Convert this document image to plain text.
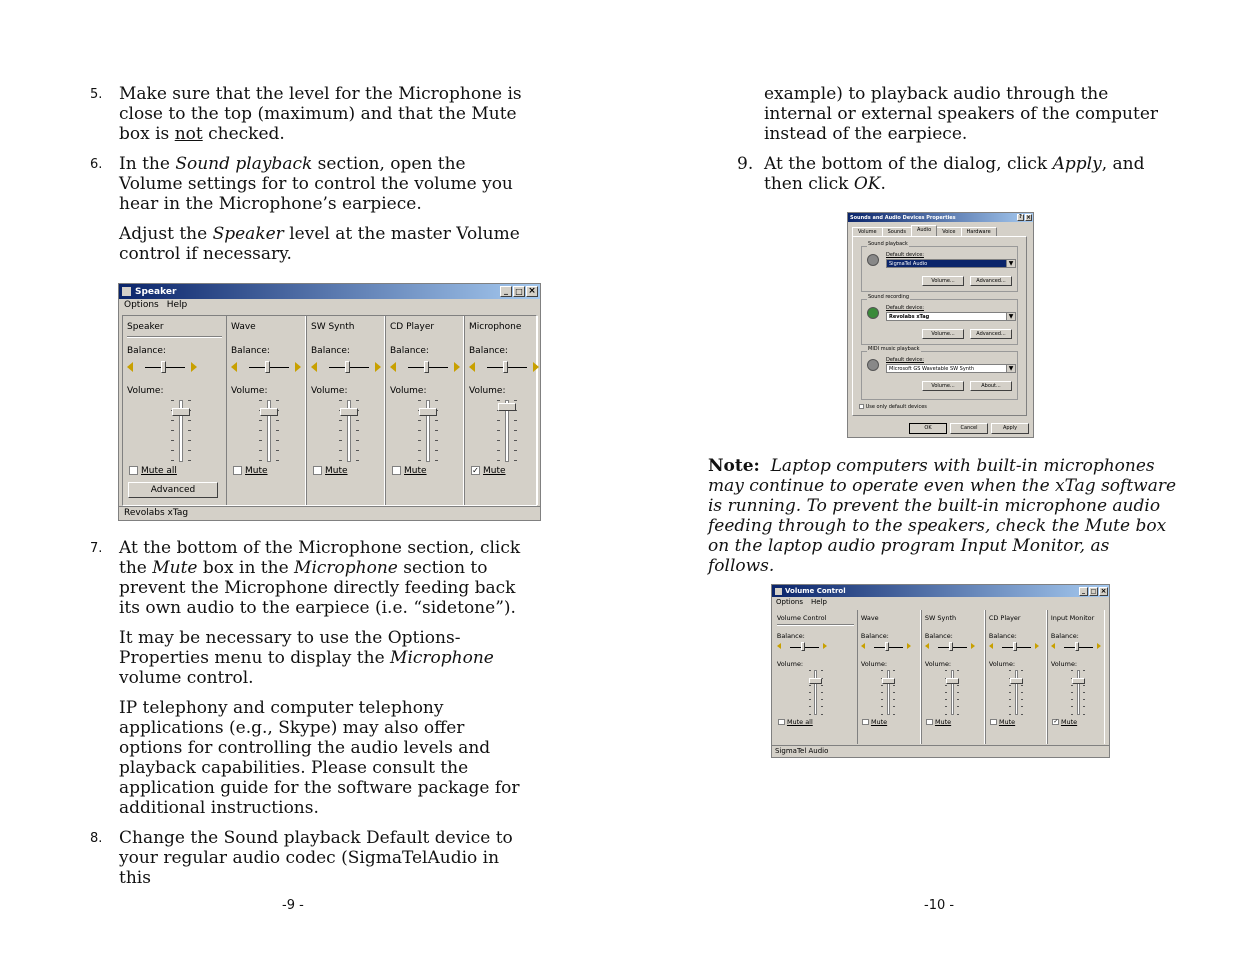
5. Make sure that the level for the Microphone is close to the top (maximum) and that the Mute box is not checked.
6. In the Sound playback section, open the Volume settings for to control the volume you hear in the Microphone’s earpiece.
Adjust the Speaker level at the master Volume control if necessary.
7. At the bottom of the Microphone section, click the Mute box in the Microphone section to prevent the Microphone directly feeding back its own audio to the earpiece (i.e. “sidetone”).
It may be necessary to use the Options-Properties menu to display the Microphone volume control.
IP telephony and computer telephony applications (e.g., Skype) may also offer options for controlling the audio levels and playback capabilities. Please consult the application guide for the software package for additional instructions.
8. Change the Sound playback Default device to your regular audio codec (SigmaTelAudio in this
-9 -
Speaker	_ □ ×
Options Help
Speaker
Balance:
Volume:
Mute all
Advanced
Wave
Balance:
Volume:
Mute
SW Synth
Balance:
Volume:
Mute
CD Player
Balance:
Volume:
Mute
Microphone
Balance:
Volume:
✓ Mute
Revolabs xTag
example) to playback audio through the internal or external speakers of the computer instead of the earpiece.
9. At the bottom of the dialog, click Apply, and then click OK.
Note: Laptop computers with built-in microphones may continue to operate even when the xTag software is running. To prevent the built-in microphone audio feeding through to the speakers, check the Mute box on the laptop audio program Input Monitor, as follows.
Sounds and Audio Devices Properties	? ×
Volume	Sounds	Audio	Voice	Hardware
Sound playback
Default device:
SigmaTel Audio	▼
Volume...	Advanced...
Sound recording
Default device:
Revolabs xTag	▼
Volume...	Advanced...
MIDI music playback
Default device:
Microsoft GS Wavetable SW Synth	▼
Volume...	About...
Use only default devices
OK	Cancel	Apply
Volume Control	_ □ ×
Options Help
Volume Control
Balance:
Volume:
Mute all
Wave
Balance:
Volume:
Mute
SW Synth
Balance:
Volume:
Mute
CD Player
Balance:
Volume:
Mute
Input Monitor
Balance:
Volume:
✓ Mute
SigmaTel Audio
-10 -
